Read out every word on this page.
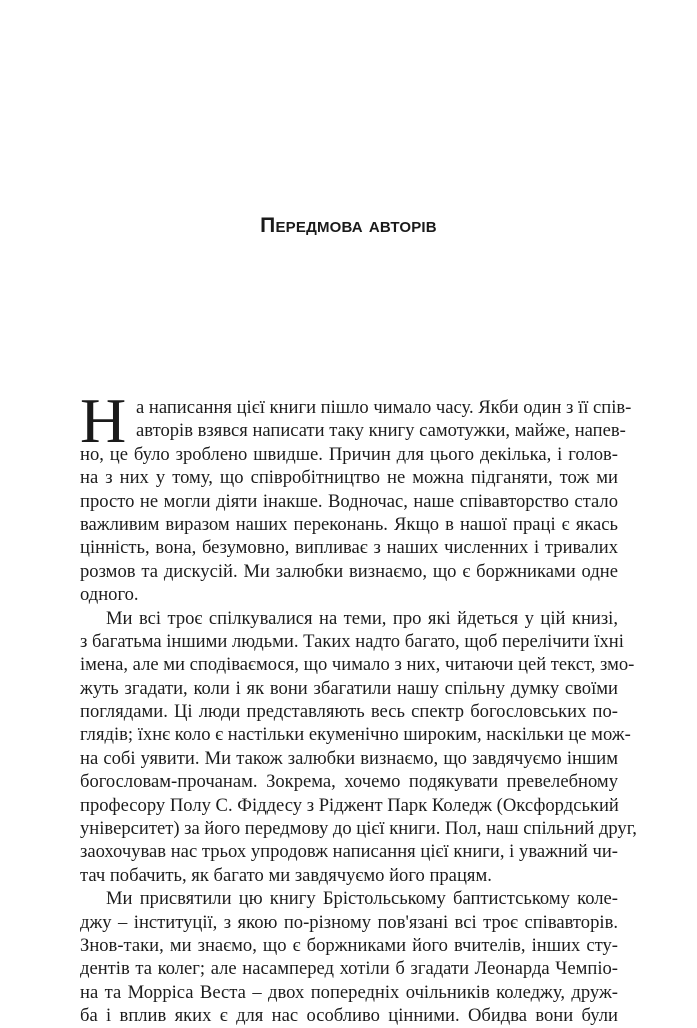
Передмова авторів
Н а написання цієї книги пішло чимало часу. Якби один з її спів-
авторів взявся написати таку книгу самотужки, майже, напев-
но, це було зроблено швидше. Причин для цього декілька, і голов-
на з них у тому, що співробітництво не можна підганяти, тож ми
просто не могли діяти інакше. Водночас, наше співавторство стало
важливим виразом наших переконань. Якщо в нашої праці є якась
цінність, вона, безумовно, випливає з наших численних і тривалих
розмов та дискусій. Ми залюбки визнаємо, що є боржниками одне
одного.
Ми всі троє спілкувалися на теми, про які йдеться у цій книзі,
з багатьма іншими людьми. Таких надто багато, щоб перелічити їхні
імена, але ми сподіваємося, що чимало з них, читаючи цей текст, змо-
жуть згадати, коли і як вони збагатили нашу спільну думку своїми
поглядами. Ці люди представляють весь спектр богословських по-
глядів; їхнє коло є настільки екуменічно широким, наскільки це мож-
на собі уявити. Ми також залюбки визнаємо, що завдячуємо іншим
богословам-прочанам. Зокрема, хочемо подякувати превелебному
професору Полу С. Фіддесу з Ріджент Парк Коледж (Оксфордський
університет) за його передмову до цієї книги. Пол, наш спільний друг,
заохочував нас трьох упродовж написання цієї книги, і уважний чи-
тач побачить, як багато ми завдячуємо його працям.
Ми присвятили цю книгу Брістольському баптистському коле-
джу – інституції, з якою по-різному пов'язані всі троє співавторів.
Знов-таки, ми знаємо, що є боржниками його вчителів, інших сту-
дентів та колег; але насамперед хотіли б згадати Леонарда Чемпіо-
на та Морріса Веста – двох попередніх очільників коледжу, друж-
ба і вплив яких є для нас особливо цінними. Обидва вони були
